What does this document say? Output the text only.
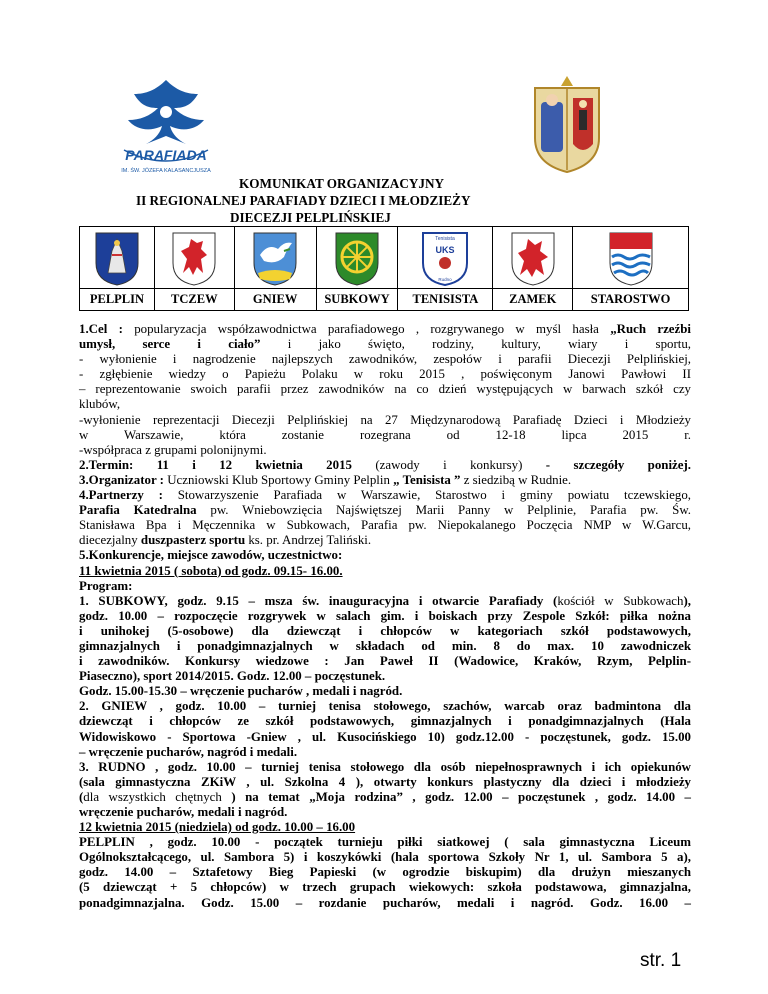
PARAFIADA
IM. ŚW. JÓZEFA KALASANCJUSZA
KOMUNIKAT ORGANIZACYJNY
II REGIONALNEJ PARAFIADY DZIECI I MŁODZIEŻY
DIECEZJI PELPLIŃSKIEJ

Tenisista
UKS
Rudno

PELPLIN	TCZEW	GNIEW	SUBKOWY	TENISISTA	ZAMEK	STAROSTWO

1.Cel : popularyzacja współzawodnictwa parafiadowego , rozgrywanego w myśl hasła „Ruch rzeźbi

umysł, serce i ciało” i jako święto, rodziny, kultury, wiary i sportu,

- wyłonienie i nagrodzenie najlepszych zawodników, zespołów i parafii Diecezji Pelplińskiej,

- zgłębienie wiedzy o Papieżu Polaku w roku 2015 , poświęconym Janowi Pawłowi II

– reprezentowanie swoich parafii przez zawodników na co dzień występujących w barwach szkół czy

klubów,

-wyłonienie reprezentacji Diecezji Pelplińskiej na 27 Międzynarodową Parafiadę Dzieci i Młodzieży

w Warszawie, która zostanie rozegrana od 12-18 lipca 2015 r.

-współpraca z grupami polonijnymi.

2.Termin: 11 i 12 kwietnia 2015 (zawody i konkursy) - szczegóły poniżej.

3.Organizator : Uczniowski Klub Sportowy Gminy Pelplin „ Tenisista ” z siedzibą w Rudnie.

4.Partnerzy : Stowarzyszenie Parafiada w Warszawie, Starostwo i gminy powiatu tczewskiego,

Parafia Katedralna pw. Wniebowzięcia Najświętszej Marii Panny w Pelplinie, Parafia pw. Św.

Stanisława Bpa i Męczennika w Subkowach, Parafia pw. Niepokalanego Poczęcia NMP w W.Garcu,

diecezjalny duszpasterz sportu ks. pr. Andrzej Taliński.

5.Konkurencje, miejsce zawodów, uczestnictwo:

11 kwietnia 2015 ( sobota) od godz. 09.15- 16.00.

Program:

1. SUBKOWY, godz. 9.15 – msza św. inauguracyjna i otwarcie Parafiady (kościół w Subkowach),

godz. 10.00 – rozpoczęcie rozgrywek w salach gim. i boiskach przy Zespole Szkół: piłka nożna

i unihokej (5-osobowe) dla dziewcząt i chłopców w kategoriach szkół podstawowych,

gimnazjalnych i ponadgimnazjalnych w składach od min. 8 do max. 10 zawodniczek

i zawodników. Konkursy wiedzowe : Jan Paweł II (Wadowice, Kraków, Rzym, Pelplin-

Piaseczno), sport 2014/2015. Godz. 12.00 – poczęstunek.

Godz. 15.00-15.30 – wręczenie pucharów , medali i nagród.

2. GNIEW , godz. 10.00 – turniej tenisa stołowego, szachów, warcab oraz badmintona dla

dziewcząt i chłopców ze szkół podstawowych, gimnazjalnych i ponadgimnazjalnych (Hala

Widowiskowo - Sportowa -Gniew , ul. Kusocińskiego 10) godz.12.00 - poczęstunek, godz. 15.00

– wręczenie pucharów, nagród i medali.

3. RUDNO , godz. 10.00 – turniej tenisa stołowego dla osób niepełnosprawnych i ich opiekunów

(sala gimnastyczna ZKiW , ul. Szkolna 4 ), otwarty konkurs plastyczny dla dzieci i młodzieży

(dla wszystkich chętnych ) na temat „Moja rodzina” , godz. 12.00 – poczęstunek , godz. 14.00 –

wręczenie pucharów, medali i nagród.

12 kwietnia 2015 (niedziela) od godz. 10.00 – 16.00

PELPLIN , godz. 10.00 - początek turnieju piłki siatkowej ( sala gimnastyczna Liceum

Ogólnokształcącego, ul. Sambora 5) i koszykówki (hala sportowa Szkoły Nr 1, ul. Sambora 5 a),

godz. 14.00 – Sztafetowy Bieg Papieski (w ogrodzie biskupim) dla drużyn mieszanych

(5 dziewcząt + 5 chłopców) w trzech grupach wiekowych: szkoła podstawowa, gimnazjalna,

ponadgimnazjalna. Godz. 15.00 – rozdanie pucharów, medali i nagród. Godz. 16.00 –

str. 1
